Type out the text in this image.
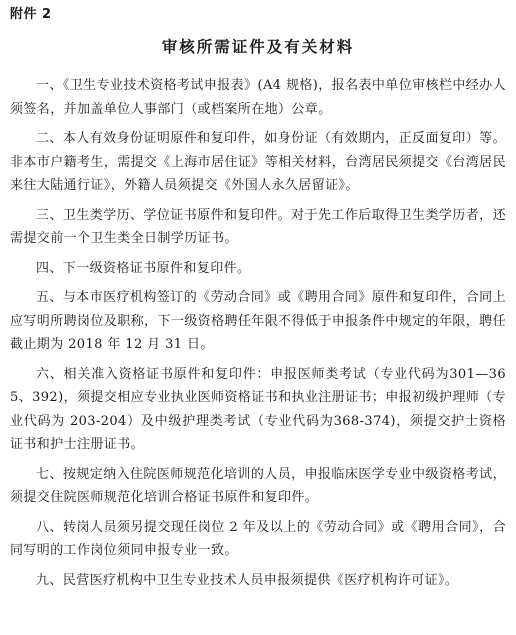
附件 2
审核所需证件及有关材料

一、《卫生专业技术资格考试申报表》(A4 规格)，报名表中单位审核栏中经办人须签名，并加盖单位人事部门（或档案所在地）公章。

二、本人有效身份证明原件和复印件，如身份证（有效期内，正反面复印）等。非本市户籍考生，需提交《上海市居住证》等相关材料，台湾居民须提交《台湾居民来往大陆通行证》，外籍人员须提交《外国人永久居留证》。

三、卫生类学历、学位证书原件和复印件。对于先工作后取得卫生类学历者，还需提交前一个卫生类全日制学历证书。

四、下一级资格证书原件和复印件。

五、与本市医疗机构签订的《劳动合同》或《聘用合同》原件和复印件，合同上应写明所聘岗位及职称，下一级资格聘任年限不得低于申报条件中规定的年限，聘任截止期为 2018 年 12 月 31 日。

六、相关准入资格证书原件和复印件：申报医师类考试（专业代码为301—365、392)，须提交相应专业执业医师资格证书和执业注册证书；申报初级护理师（专业代码为 203-204）及中级护理类考试（专业代码为368-374)，须提交护士资格证书和护士注册证书。

七、按规定纳入住院医师规范化培训的人员，申报临床医学专业中级资格考试，须提交住院医师规范化培训合格证书原件和复印件。

八、转岗人员须另提交现任岗位 2 年及以上的《劳动合同》或《聘用合同》，合同写明的工作岗位须同申报专业一致。

九、民营医疗机构中卫生专业技术人员申报须提供《医疗机构许可证》。
